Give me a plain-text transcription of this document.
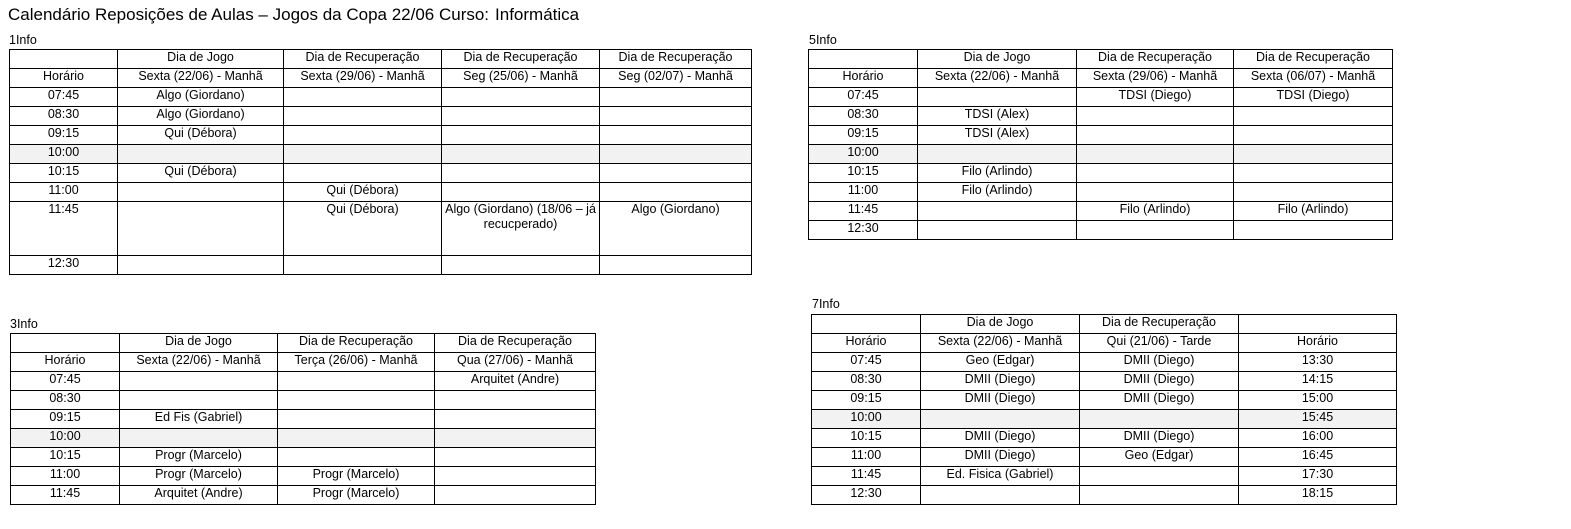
Calendário Reposições de Aulas – Jogos da Copa 22/06 Curso: Informática
1Info
	Dia de Jogo	Dia de Recuperação	Dia de Recuperação	Dia de Recuperação
Horário	Sexta (22/06) - Manhã	Sexta (29/06) - Manhã	Seg (25/06) - Manhã	Seg (02/07) - Manhã
07:45	Algo (Giordano)			
08:30	Algo (Giordano)			
09:15	Qui (Débora)			
10:00				
10:15	Qui (Débora)			
11:00		Qui (Débora)		
11:45		Qui (Débora)	Algo (Giordano) (18/06 – já recucperado)	Algo (Giordano)
12:30				
5Info
	Dia de Jogo	Dia de Recuperação	Dia de Recuperação
Horário	Sexta (22/06) - Manhã	Sexta (29/06) - Manhã	Sexta (06/07) - Manhã
07:45		TDSI (Diego)	TDSI (Diego)
08:30	TDSI (Alex)		
09:15	TDSI (Alex)		
10:00			
10:15	Filo (Arlindo)		
11:00	Filo (Arlindo)		
11:45		Filo (Arlindo)	Filo (Arlindo)
12:30			
3Info
	Dia de Jogo	Dia de Recuperação	Dia de Recuperação
Horário	Sexta (22/06) - Manhã	Terça (26/06) - Manhã	Qua (27/06) - Manhã
07:45			Arquitet (Andre)
08:30			
09:15	Ed Fis (Gabriel)		
10:00			
10:15	Progr (Marcelo)		
11:00	Progr (Marcelo)	Progr (Marcelo)	
11:45	Arquitet (Andre)	Progr (Marcelo)	
7Info
	Dia de Jogo	Dia de Recuperação	
Horário	Sexta (22/06) - Manhã	Qui (21/06) - Tarde	Horário
07:45	Geo (Edgar)	DMII (Diego)	13:30
08:30	DMII (Diego)	DMII (Diego)	14:15
09:15	DMII (Diego)	DMII (Diego)	15:00
10:00			15:45
10:15	DMII (Diego)	DMII (Diego)	16:00
11:00	DMII (Diego)	Geo (Edgar)	16:45
11:45	Ed. Fisica (Gabriel)		17:30
12:30			18:15
